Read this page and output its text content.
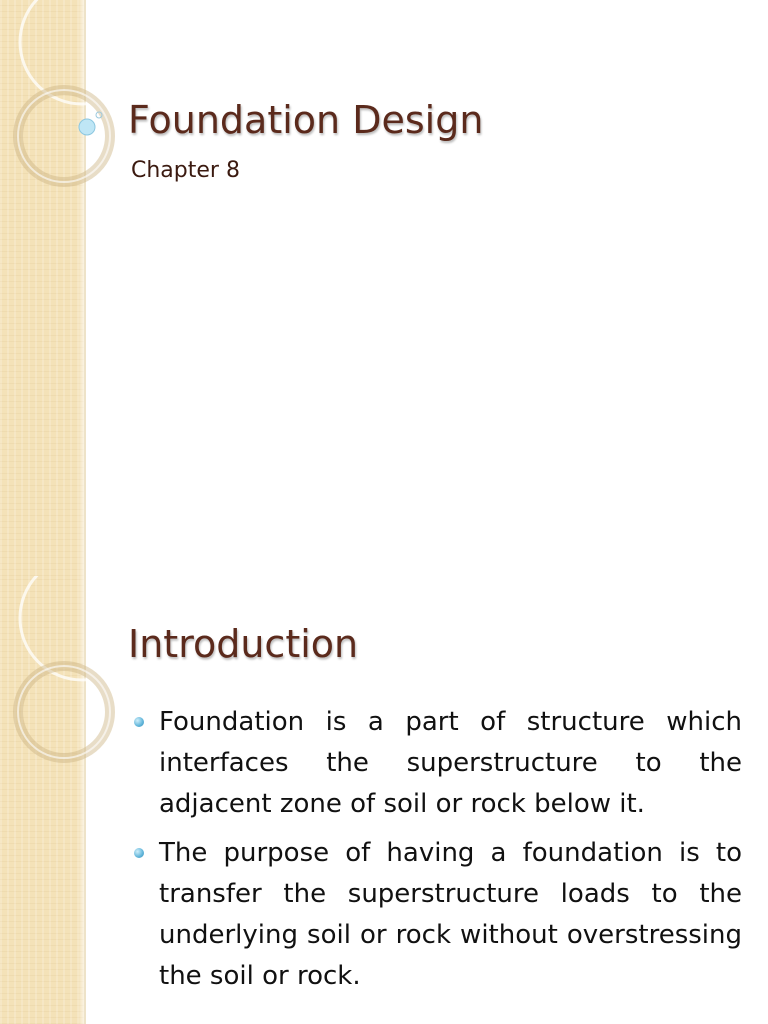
Foundation Design
Chapter 8
Introduction
Foundation is a part of structure which interfaces the superstructure to the adjacent zone of soil or rock below it.
The purpose of having a foundation is to transfer the superstructure loads to the underlying soil or rock without overstressing the soil or rock.
